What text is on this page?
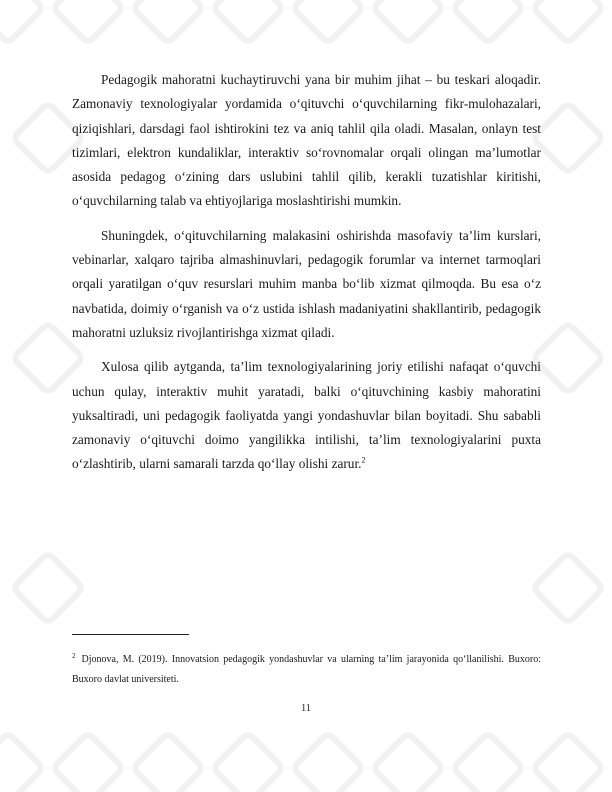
Pedagogik mahoratni kuchaytiruvchi yana bir muhim jihat – bu teskari aloqadir. Zamonaviy texnologiyalar yordamida o‘qituvchi o‘quvchilarning fikr-mulohazalari, qiziqishlari, darsdagi faol ishtirokini tez va aniq tahlil qila oladi. Masalan, onlayn test tizimlari, elektron kundaliklar, interaktiv so‘rovnomalar orqali olingan ma’lumotlar asosida pedagog o‘zining dars uslubini tahlil qilib, kerakli tuzatishlar kiritishi, o‘quvchilarning talab va ehtiyojlariga moslashtirishi mumkin.

Shuningdek, o‘qituvchilarning malakasini oshirishda masofaviy ta’lim kurslari, vebinarlar, xalqaro tajriba almashinuvlari, pedagogik forumlar va internet tarmoqlari orqali yaratilgan o‘quv resurslari muhim manba bo‘lib xizmat qilmoqda. Bu esa o‘z navbatida, doimiy o‘rganish va o‘z ustida ishlash madaniyatini shakllantirib, pedagogik mahoratni uzluksiz rivojlantirishga xizmat qiladi.

Xulosa qilib aytganda, ta’lim texnologiyalarining joriy etilishi nafaqat o‘quvchi uchun qulay, interaktiv muhit yaratadi, balki o‘qituvchining kasbiy mahoratini yuksaltiradi, uni pedagogik faoliyatda yangi yondashuvlar bilan boyitadi. Shu sababli zamonaviy o‘qituvchi doimo yangilikka intilishi, ta’lim texnologiyalarini puxta o‘zlashtirib, ularni samarali tarzda qo‘llay olishi zarur.$^2$

$^2$ Djonova, M. (2019). Innovatsion pedagogik yondashuvlar va ularning ta’lim jarayonida qo‘llanilishi. Buxoro: Buxoro davlat universiteti.

11
